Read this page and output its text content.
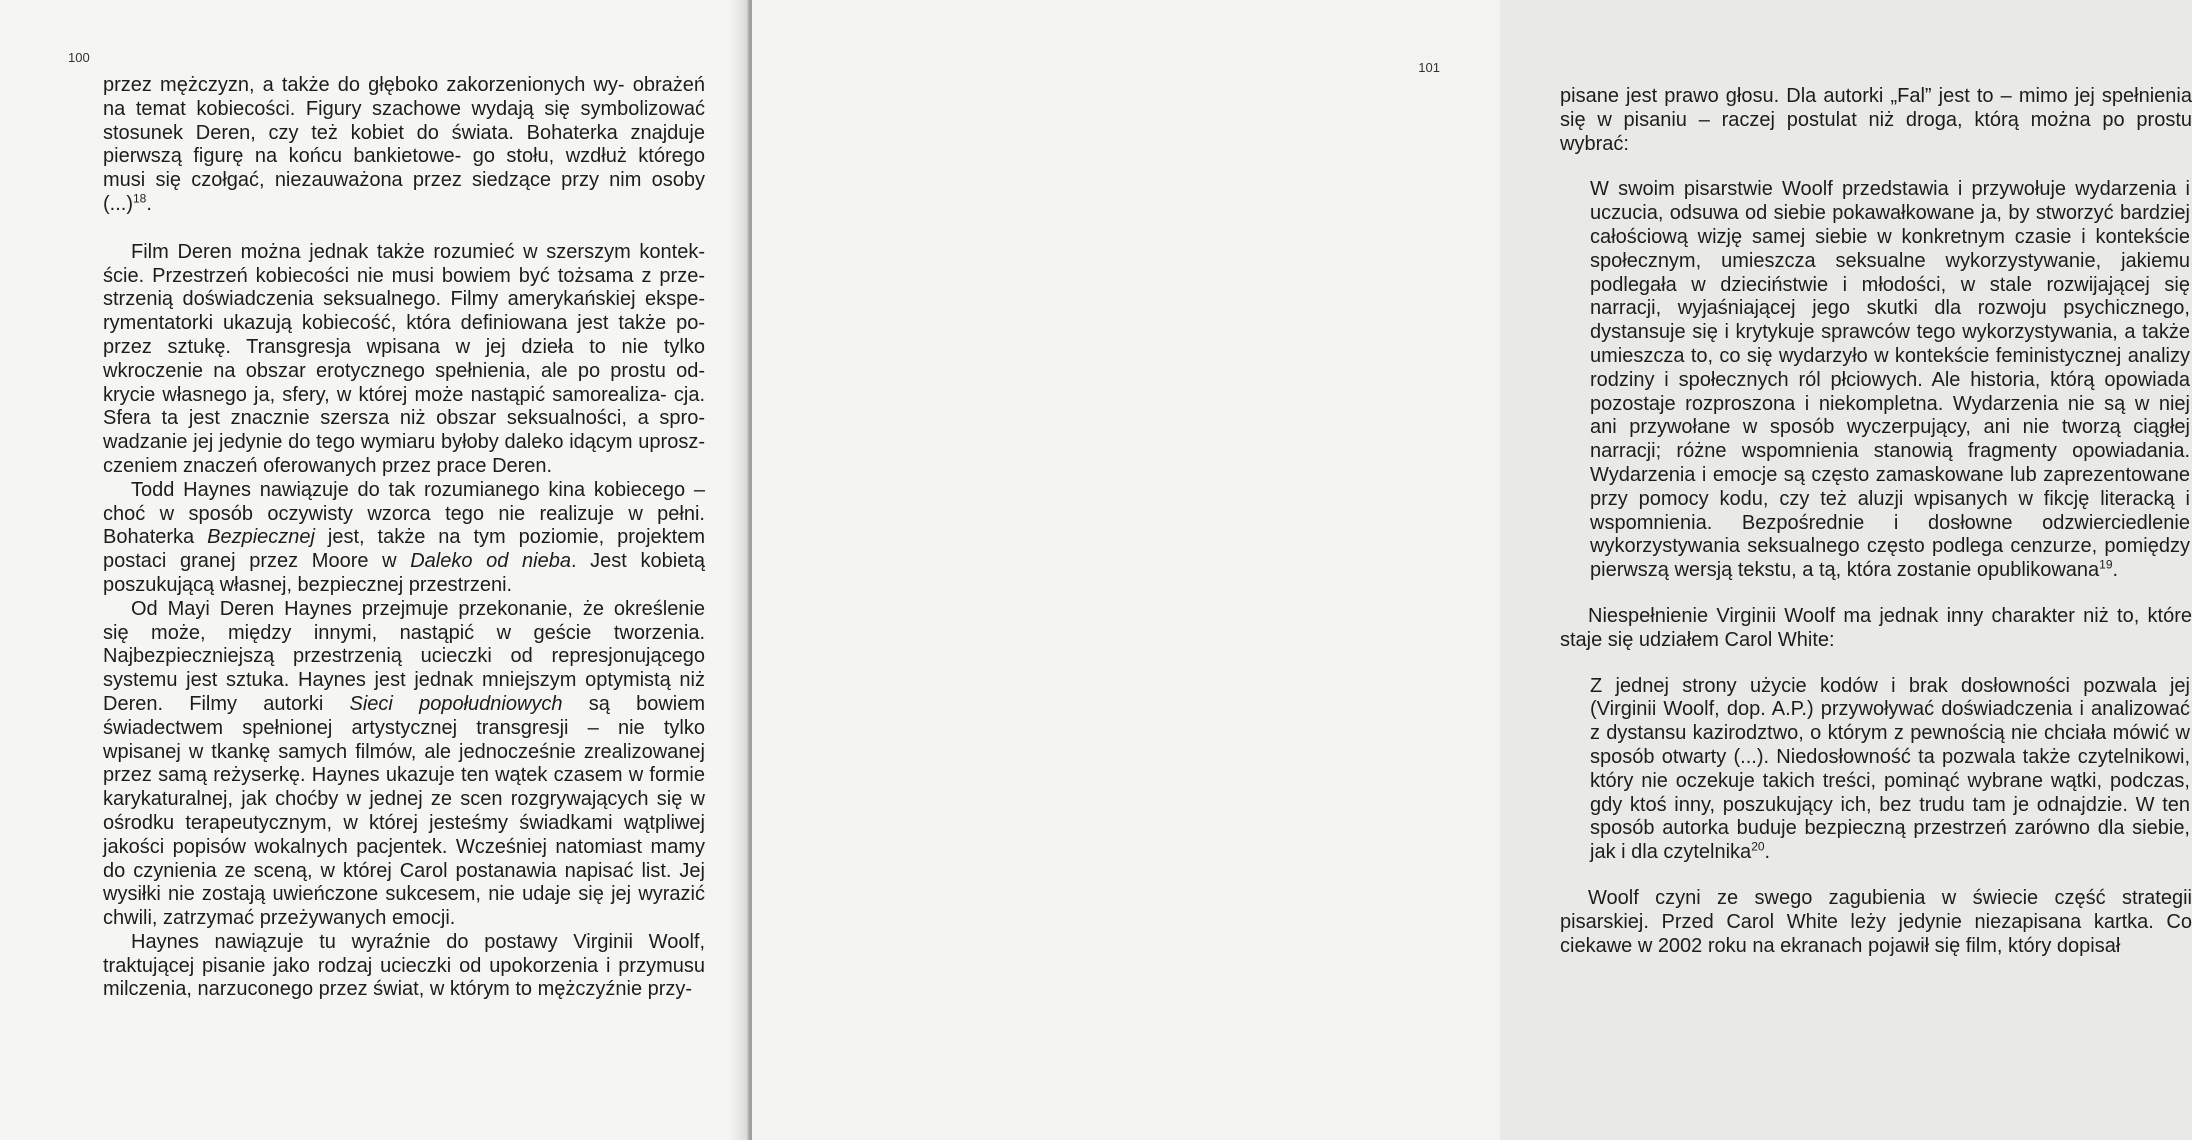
100

przez mężczyzn, a także do głęboko zakorzenionych wy- obrażeń na temat kobiecości. Figury szachowe wydają się symbolizować stosunek Deren, czy też kobiet do świata. Bohaterka znajduje pierwszą figurę na końcu bankietowe- go stołu, wzdłuż którego musi się czołgać, niezauważona przez siedzące przy nim osoby (...)$^{18}$.

Film Deren można jednak także rozumieć w szerszym kontek- ście. Przestrzeń kobiecości nie musi bowiem być tożsama z prze- strzenią doświadczenia seksualnego. Filmy amerykańskiej ekspe- rymentatorki ukazują kobiecość, która definiowana jest także po- przez sztukę. Transgresja wpisana w jej dzieła to nie tylko wkroczenie na obszar erotycznego spełnienia, ale po prostu od- krycie własnego ja, sfery, w której może nastąpić samorealiza- cja. Sfera ta jest znacznie szersza niż obszar seksualności, a spro- wadzanie jej jedynie do tego wymiaru byłoby daleko idącym uprosz- czeniem znaczeń oferowanych przez prace Deren.

Todd Haynes nawiązuje do tak rozumianego kina kobiecego – choć w sposób oczywisty wzorca tego nie realizuje w pełni. Bohaterka Bezpiecznej jest, także na tym poziomie, projektem postaci granej przez Moore w Daleko od nieba. Jest kobietą poszukującą własnej, bezpiecznej przestrzeni.

Od Mayi Deren Haynes przejmuje przekonanie, że określenie się może, między innymi, nastąpić w geście tworzenia. Najbezpieczniejszą przestrzenią ucieczki od represjonującego systemu jest sztuka. Haynes jest jednak mniejszym optymistą niż Deren. Filmy autorki Sieci popołudniowych są bowiem świadectwem spełnionej artystycznej transgresji – nie tylko wpisanej w tkankę samych filmów, ale jednocześnie zrealizowanej przez samą reżyserkę. Haynes ukazuje ten wątek czasem w formie karykaturalnej, jak choćby w jednej ze scen rozgrywających się w ośrodku terapeutycznym, w której jesteśmy świadkami wątpliwej jakości popisów wokalnych pacjentek. Wcześniej natomiast mamy do czynienia ze sceną, w której Carol postanawia napisać list. Jej wysiłki nie zostają uwieńczone sukcesem, nie udaje się jej wyrazić chwili, zatrzymać przeżywanych emocji.

Haynes nawiązuje tu wyraźnie do postawy Virginii Woolf, traktującej pisanie jako rodzaj ucieczki od upokorzenia i przymusu milczenia, narzuconego przez świat, w którym to mężczyźnie przy-

101

pisane jest prawo głosu. Dla autorki „Fal” jest to – mimo jej spełnienia się w pisaniu – raczej postulat niż droga, którą można po prostu wybrać:

W swoim pisarstwie Woolf przedstawia i przywołuje wydarzenia i uczucia, odsuwa od siebie pokawałkowane ja, by stworzyć bardziej całościową wizję samej siebie w konkretnym czasie i kontekście społecznym, umieszcza seksualne wykorzystywanie, jakiemu podlegała w dzieciństwie i młodości, w stale rozwijającej się narracji, wyjaśniającej jego skutki dla rozwoju psychicznego, dystansuje się i krytykuje sprawców tego wykorzystywania, a także umieszcza to, co się wydarzyło w kontekście feministycznej analizy rodziny i społecznych ról płciowych. Ale historia, którą opowiada pozostaje rozproszona i niekompletna. Wydarzenia nie są w niej ani przywołane w sposób wyczerpujący, ani nie tworzą ciągłej narracji; różne wspomnienia stanowią fragmenty opowiadania. Wydarzenia i emocje są często zamaskowane lub zaprezentowane przy pomocy kodu, czy też aluzji wpisanych w fikcję literacką i wspomnienia. Bezpośrednie i dosłowne odzwierciedlenie wykorzystywania seksualnego często podlega cenzurze, pomiędzy pierwszą wersją tekstu, a tą, która zostanie opublikowana$^{19}$.

Niespełnienie Virginii Woolf ma jednak inny charakter niż to, które staje się udziałem Carol White:

Z jednej strony użycie kodów i brak dosłowności pozwala jej (Virginii Woolf, dop. A.P.) przywoływać doświadczenia i analizować z dystansu kazirodztwo, o którym z pewnością nie chciała mówić w sposób otwarty (...). Niedosłowność ta pozwala także czytelnikowi, który nie oczekuje takich treści, pominąć wybrane wątki, podczas, gdy ktoś inny, poszukujący ich, bez trudu tam je odnajdzie. W ten sposób autorka buduje bezpieczną przestrzeń zarówno dla siebie, jak i dla czytelnika$^{20}$.

Woolf czyni ze swego zagubienia w świecie część strategii pisarskiej. Przed Carol White leży jedynie niezapisana kartka. Co ciekawe w 2002 roku na ekranach pojawił się film, który dopisał
